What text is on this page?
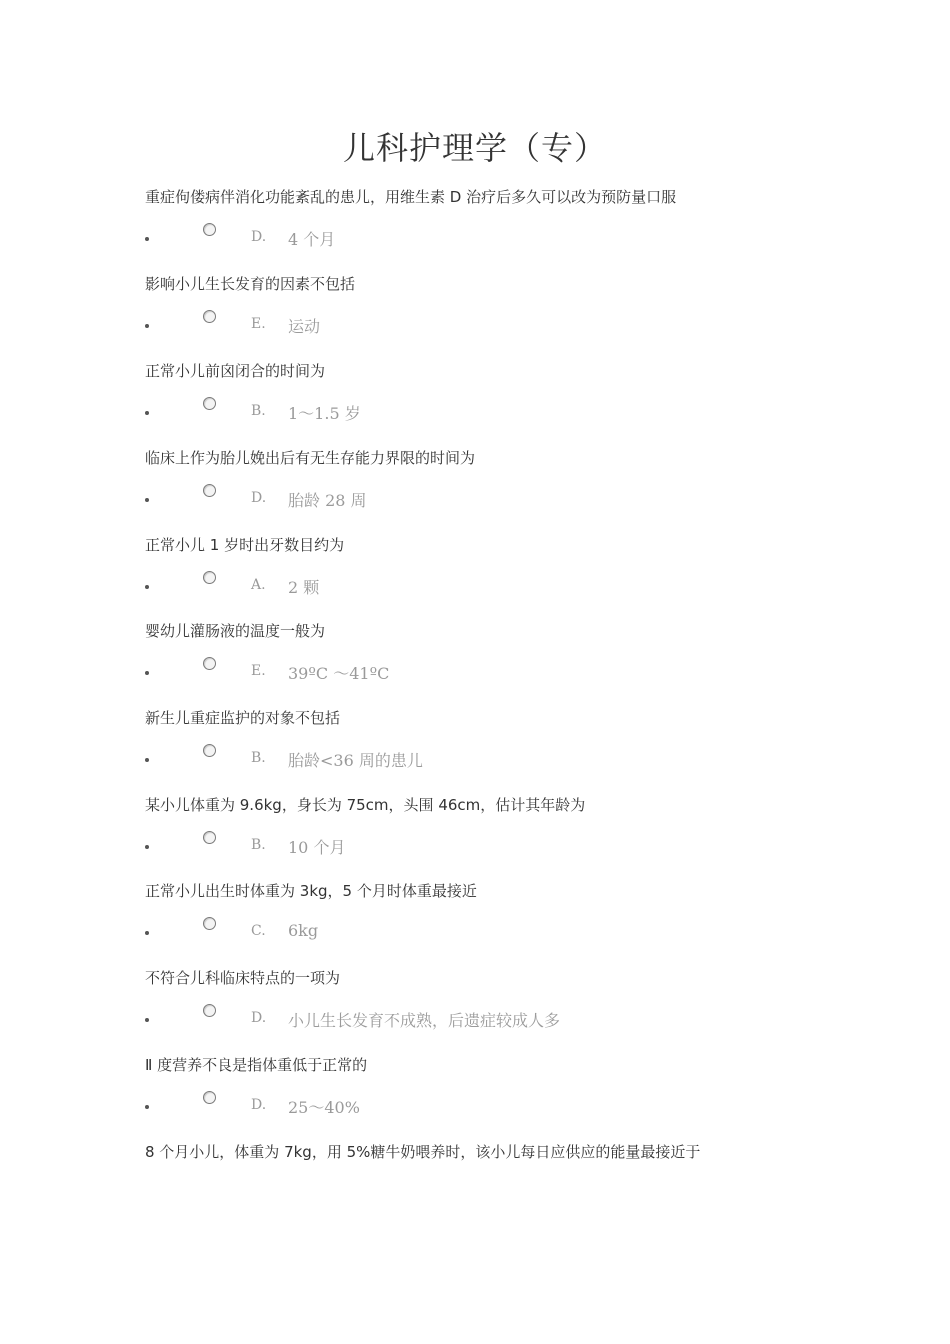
儿科护理学（专）
重症佝偻病伴消化功能紊乱的患儿，用维生素 D 治疗后多久可以改为预防量口服
D. 4 个月
影响小儿生长发育的因素不包括
E. 运动
正常小儿前囟闭合的时间为
B. 1～1.5 岁
临床上作为胎儿娩出后有无生存能力界限的时间为
D. 胎龄 28 周
正常小儿 1 岁时出牙数目约为
A. 2 颗
婴幼儿灌肠液的温度一般为
E. 39ºC ～41ºC
新生儿重症监护的对象不包括
B. 胎龄<36 周的患儿
某小儿体重为 9.6kg，身长为 75cm，头围 46cm，估计其年龄为
B. 10 个月
正常小儿出生时体重为 3kg，5 个月时体重最接近
C. 6kg
不符合儿科临床特点的一项为
D. 小儿生长发育不成熟，后遗症较成人多
Ⅱ 度营养不良是指体重低于正常的
D. 25～40%
8 个月小儿，体重为 7kg，用 5%糖牛奶喂养时，该小儿每日应供应的能量最接近于
